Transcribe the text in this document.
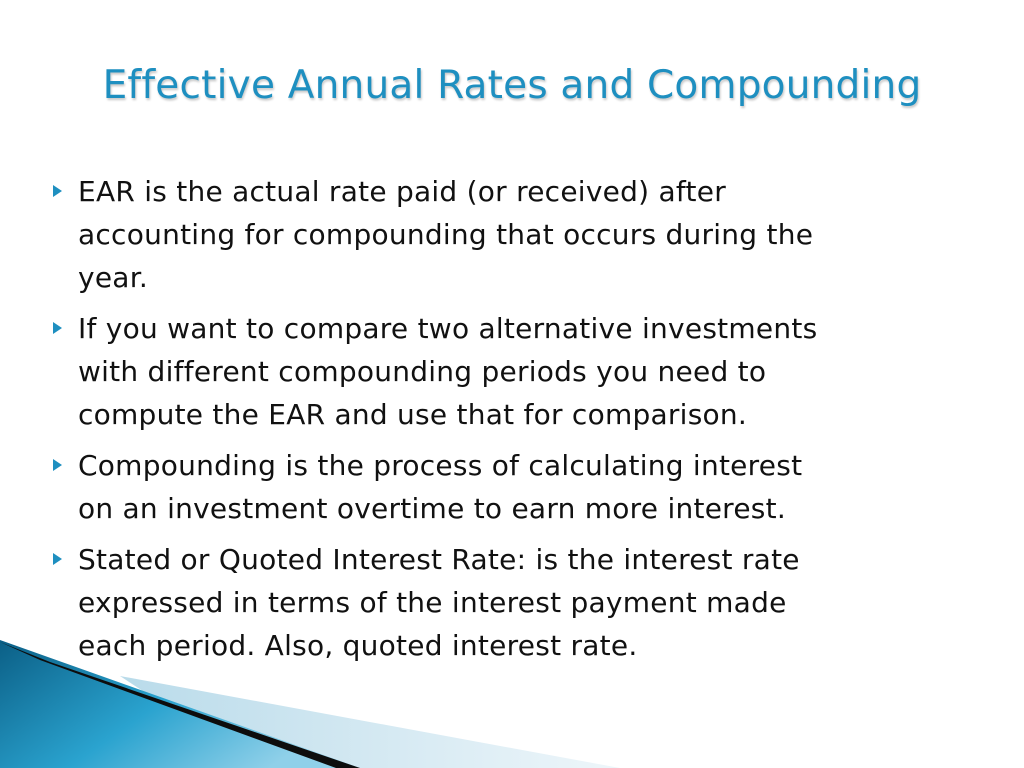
Effective Annual Rates and Compounding
EAR is the actual rate paid (or received) after
accounting for compounding that occurs during the
year.
If you want to compare two alternative investments
with different compounding periods you need to
compute the EAR and use that for comparison.
Compounding is the process of calculating interest
on an investment overtime to earn more interest.
Stated or Quoted Interest Rate: is the interest rate
expressed in terms of the interest payment made
each period. Also, quoted interest rate.
